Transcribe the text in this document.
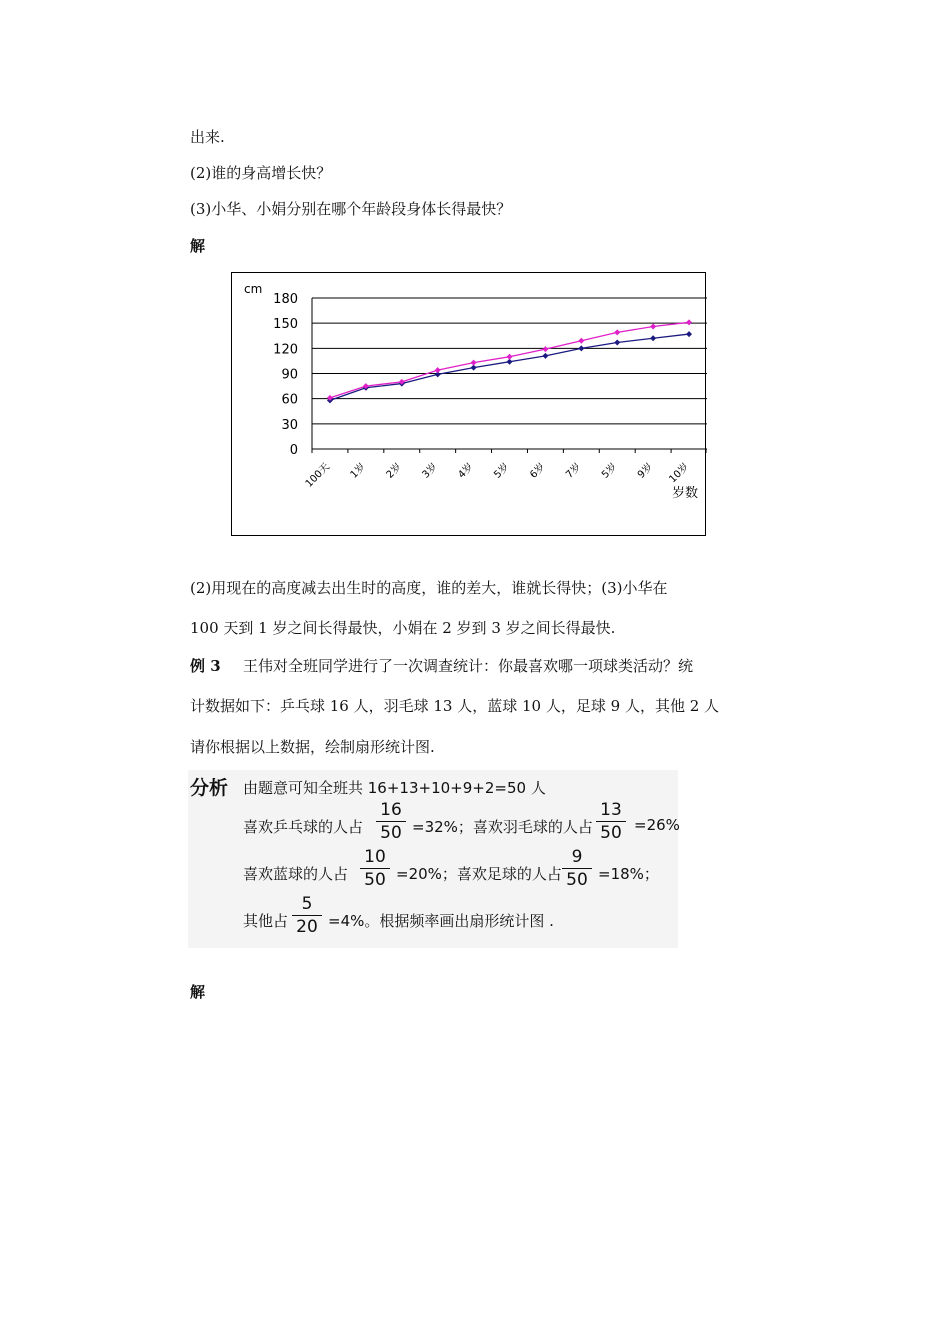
出来.
(2)谁的身高增长快？
(3)小华、小娟分别在哪个年龄段身体长得最快？
解
0
30
60
90
120
150
180
100天 1岁 2岁 3岁 4岁 5岁 6岁 7岁 5岁 9岁 10岁
cm
岁数
(2)用现在的高度减去出生时的高度，谁的差大，谁就长得快；(3)小华在
100 天到 1 岁之间长得最快，小娟在 2 岁到 3 岁之间长得最快.
例 3 王伟对全班同学进行了一次调查统计：你最喜欢哪一项球类活动？统
计数据如下：乒乓球 16 人，羽毛球 13 人，蓝球 10 人，足球 9 人，其他 2 人
请你根据以上数据，绘制扇形统计图.
分析 由题意可知全班共 16+13+10+9+2=50 人
喜欢乒乓球的人占
16
50 =32%；喜欢羽毛球的人占
13
50 =26%
喜欢蓝球的人占
10
50 =20%；喜欢足球的人占
9
50 =18%；
其他占
5
20 =4%。根据频率画出扇形统计图 .
解
